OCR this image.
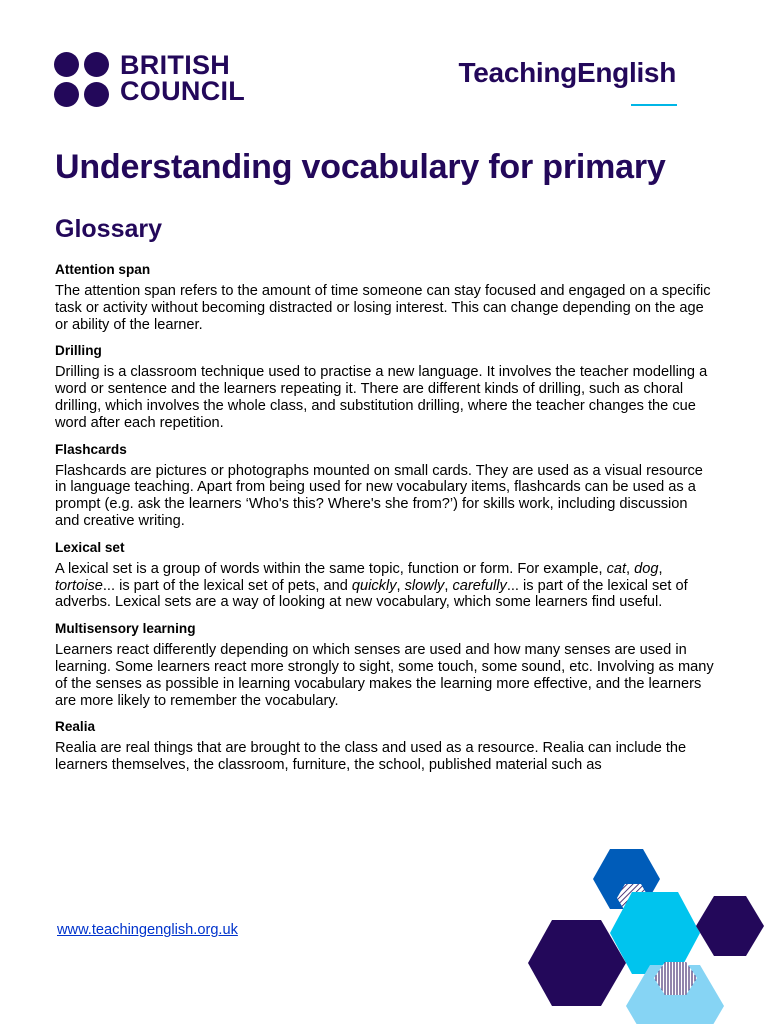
BRITISH
COUNCIL
TeachingEnglish
Understanding vocabulary for primary
Glossary

Attention span

The attention span refers to the amount of time someone can stay focused and engaged on a specific task or activity without becoming distracted or losing interest. This can change depending on the age or ability of the learner.

Drilling

Drilling is a classroom technique used to practise a new language. It involves the teacher modelling a word or sentence and the learners repeating it. There are different kinds of drilling, such as choral drilling, which involves the whole class, and substitution drilling, where the teacher changes the cue word after each repetition.

Flashcards

Flashcards are pictures or photographs mounted on small cards. They are used as a visual resource in language teaching. Apart from being used for new vocabulary items, flashcards can be used as a prompt (e.g. ask the learners ‘Who's this? Where's she from?’) for skills work, including discussion and creative writing.

Lexical set

A lexical set is a group of words within the same topic, function or form. For example, cat, dog, tortoise... is part of the lexical set of pets, and quickly, slowly, carefully... is part of the lexical set of adverbs. Lexical sets are a way of looking at new vocabulary, which some learners find useful.

Multisensory learning

Learners react differently depending on which senses are used and how many senses are used in learning. Some learners react more strongly to sight, some touch, some sound, etc. Involving as many of the senses as possible in learning vocabulary makes the learning more effective, and the learners are more likely to remember the vocabulary.

Realia

Realia are real things that are brought to the class and used as a resource. Realia can include the learners themselves, the classroom, furniture, the school, published material such as

www.teachingenglish.org.uk
